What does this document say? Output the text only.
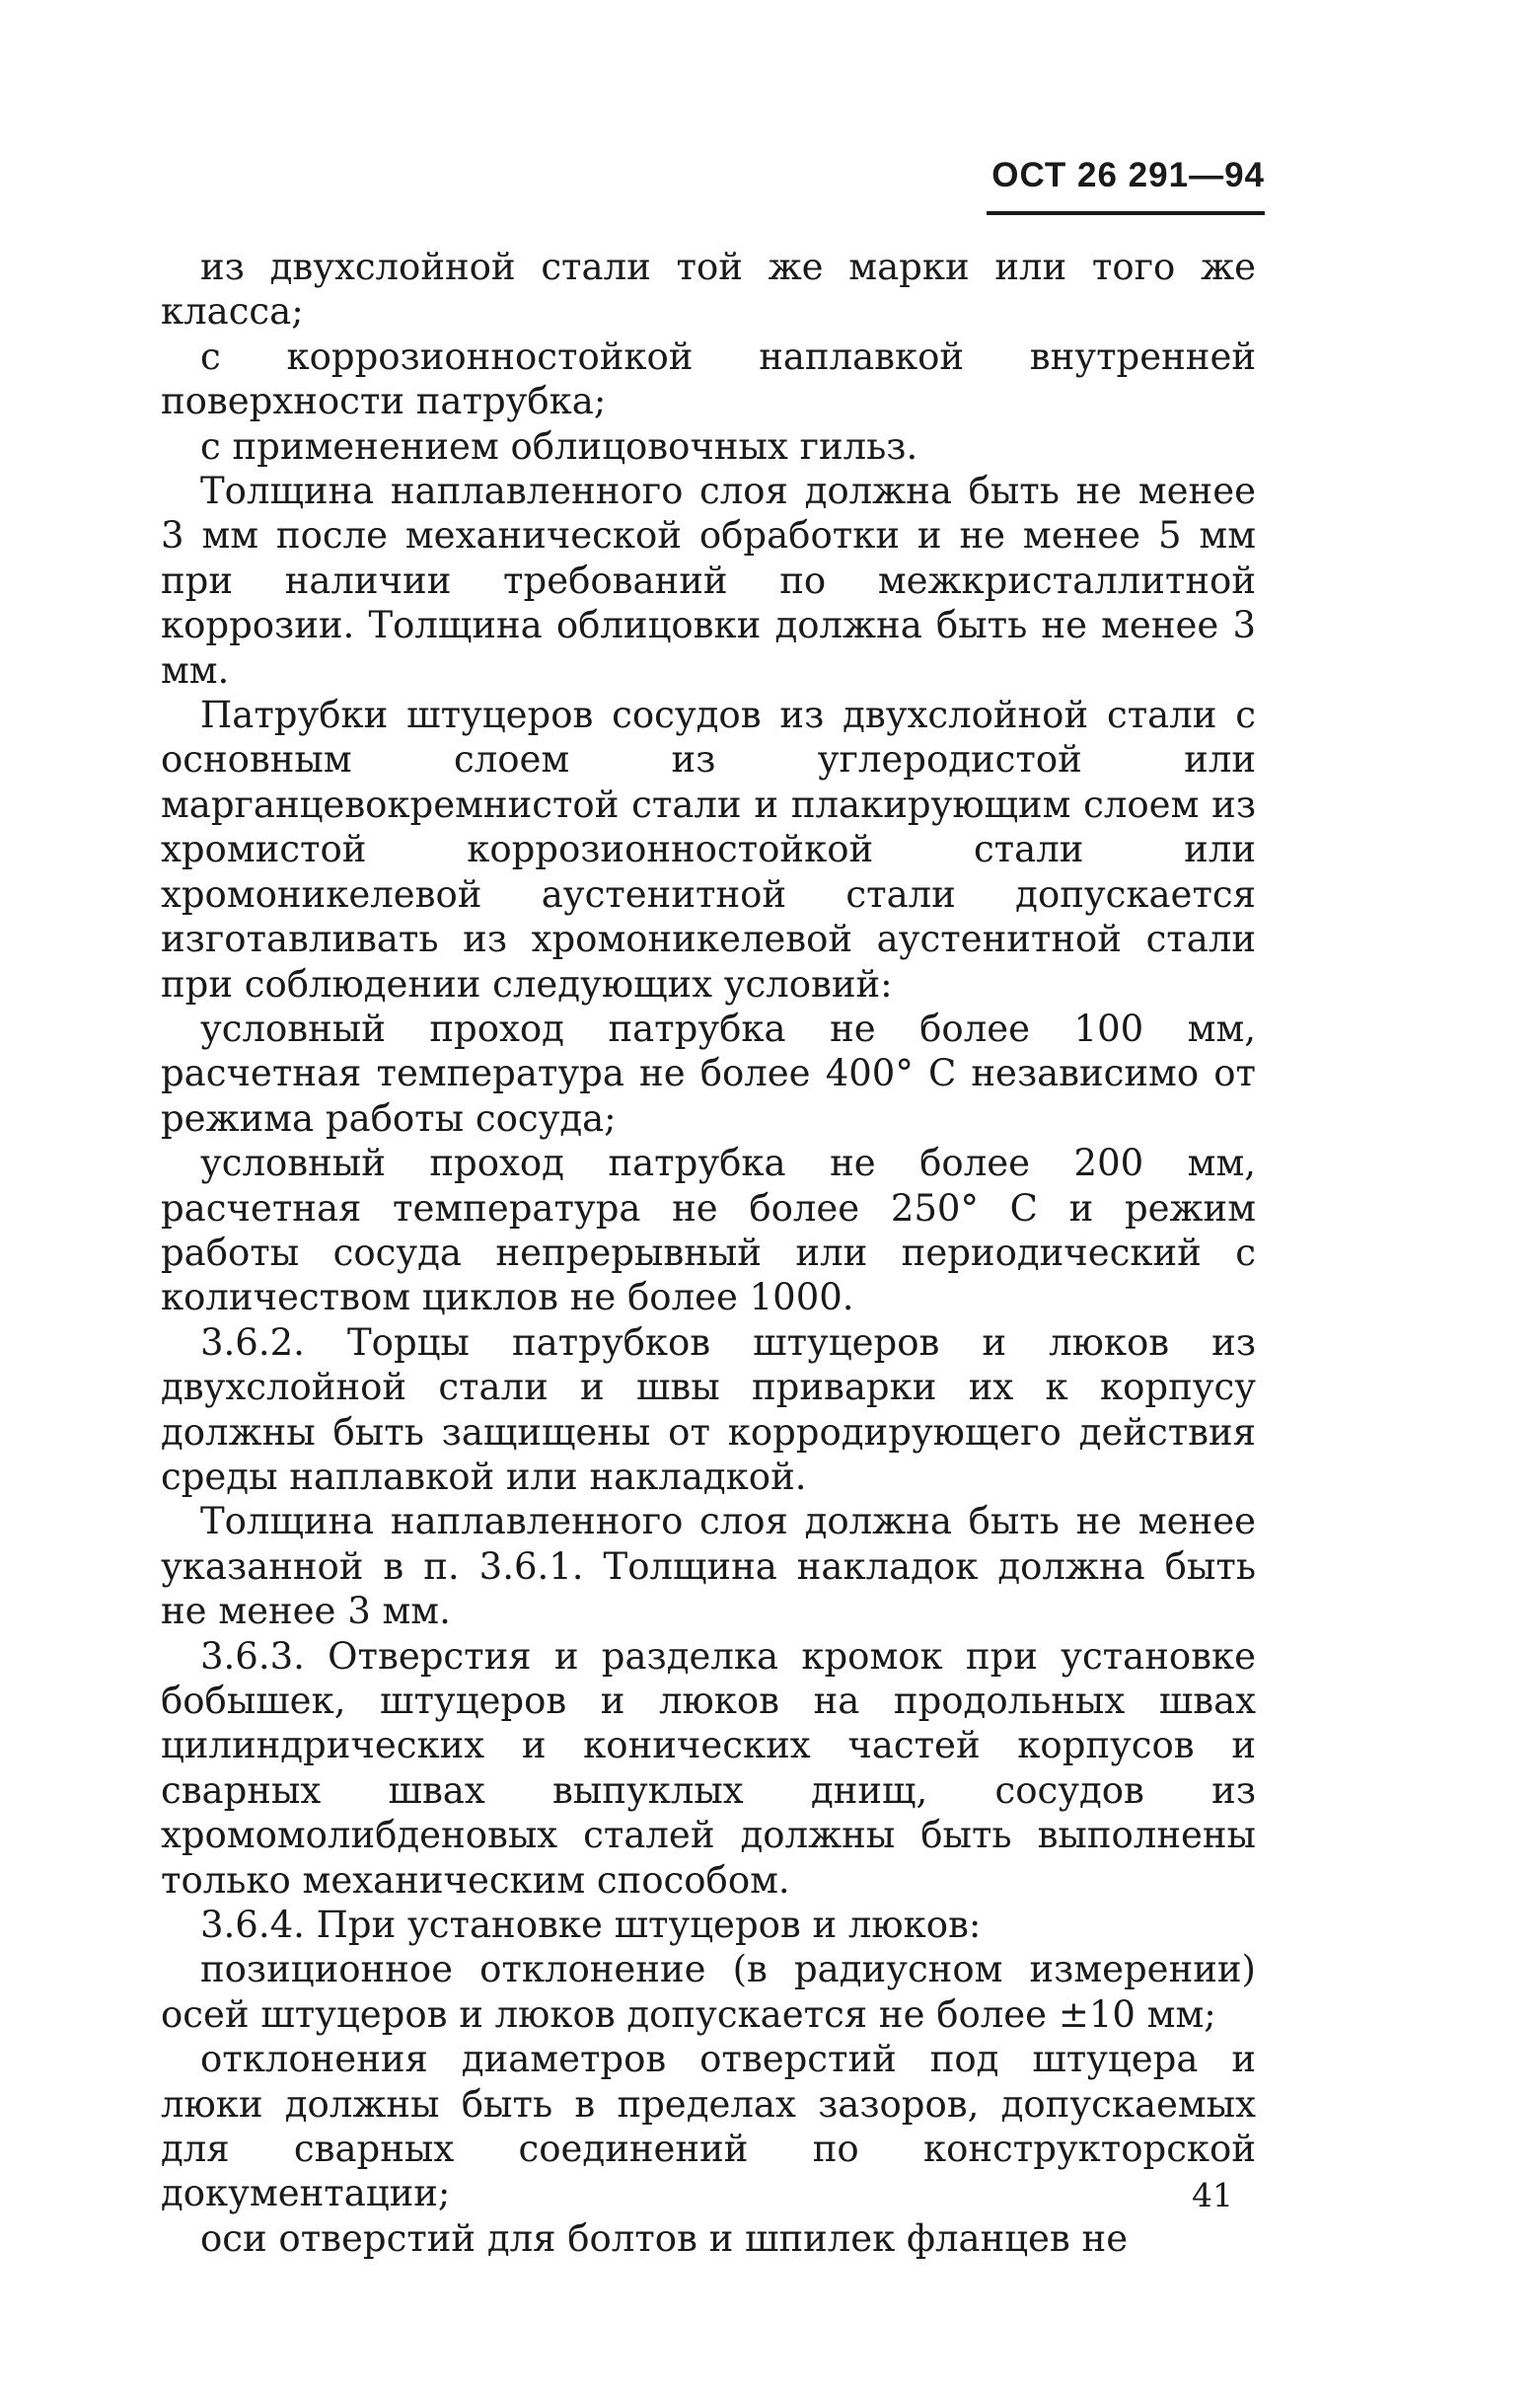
ОСТ 26 291—94

из двухслойной стали той же марки или того же класса;

с коррозионностойкой наплавкой внутренней поверхности патрубка;

с применением облицовочных гильз.

Толщина наплавленного слоя должна быть не менее 3 мм после механической обработки и не менее 5 мм при наличии требований по межкристаллитной коррозии. Толщина облицовки должна быть не менее 3 мм.

Патрубки штуцеров сосудов из двухслойной стали с основным слоем из углеродистой или марганцевокремнистой стали и плакирующим слоем из хромистой коррозионностойкой стали или хромоникелевой аустенитной стали допускается изготавливать из хромоникелевой аустенитной стали при соблюдении следующих условий:

условный проход патрубка не более 100 мм, расчетная температура не более 400° С независимо от режима работы сосуда;

условный проход патрубка не более 200 мм, расчетная температура не более 250° С и режим работы сосуда непрерывный или периодический с количеством циклов не более 1000.

3.6.2. Торцы патрубков штуцеров и люков из двухслойной стали и швы приварки их к корпусу должны быть защищены от корродирующего действия среды наплавкой или накладкой.

Толщина наплавленного слоя должна быть не менее указанной в п. 3.6.1. Толщина накладок должна быть не менее 3 мм.

3.6.3. Отверстия и разделка кромок при установке бобышек, штуцеров и люков на продольных швах цилиндрических и конических частей корпусов и сварных швах выпуклых днищ, сосудов из хромомолибденовых сталей должны быть выполнены только механическим способом.

3.6.4. При установке штуцеров и люков:

позиционное отклонение (в радиусном измерении) осей штуцеров и люков допускается не более ±10 мм;

отклонения диаметров отверстий под штуцера и люки должны быть в пределах зазоров, допускаемых для сварных соединений по конструкторской документации;

оси отверстий для болтов и шпилек фланцев не

41
